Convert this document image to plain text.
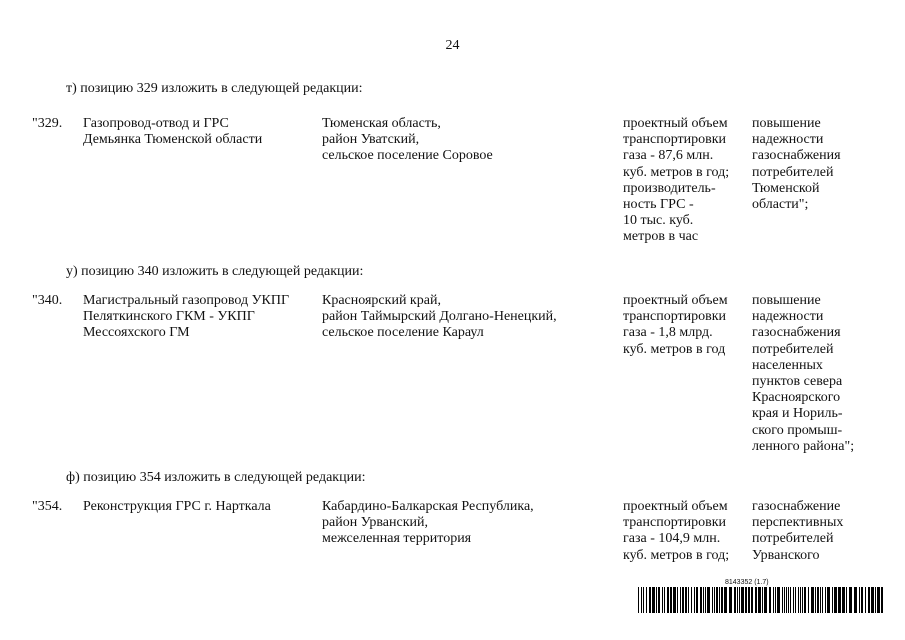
24
т) позицию 329 изложить в следующей редакции:
"329. Газопровод-отвод и ГРС
Демьянка Тюменской области
Тюменская область,
район Уватский,
сельское поселение Соровое
проектный объем
транспортировки
газа - 87,6 млн.
куб. метров в год;
производитель-
ность ГРС -
10 тыс. куб.
метров в час
повышение
надежности
газоснабжения
потребителей
Тюменской
области";
у) позицию 340 изложить в следующей редакции:
"340. Магистральный газопровод УКПГ
Пеляткинского ГКМ - УКПГ
Мессояхского ГМ
Красноярский край,
район Таймырский Долгано-Ненецкий,
сельское поселение Караул
проектный объем
транспортировки
газа - 1,8 млрд.
куб. метров в год
повышение
надежности
газоснабжения
потребителей
населенных
пунктов севера
Красноярского
края и Нориль-
ского промыш-
ленного района";
ф) позицию 354 изложить в следующей редакции:
"354. Реконструкция ГРС г. Нарткала	Кабардино-Балкарская Республика,
район Урванский,
межселенная территория
проектный объем
транспортировки
газа - 104,9 млн.
куб. метров в год;
газоснабжение
перспективных
потребителей
Урванского
8143352 (1.7)
